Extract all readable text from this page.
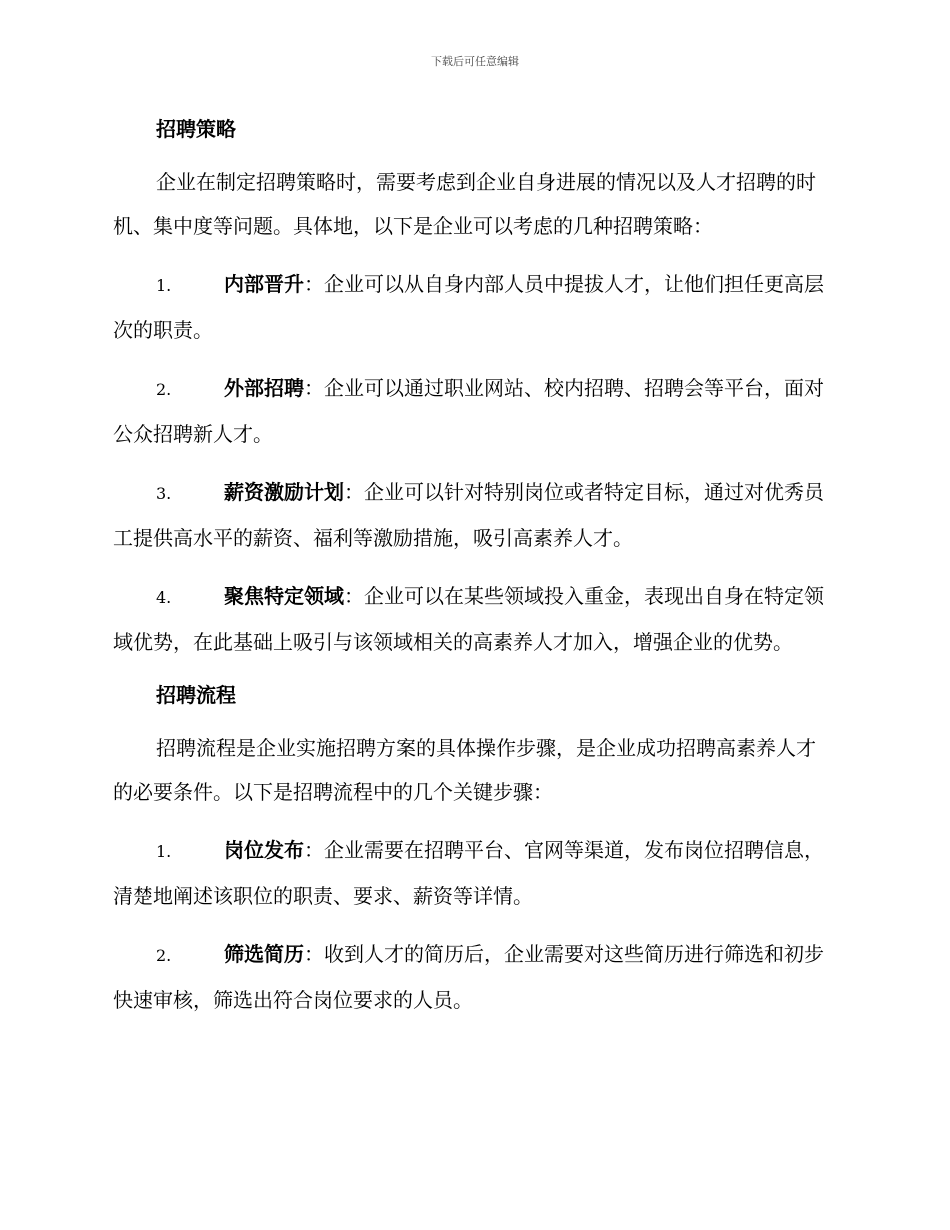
下载后可任意编辑
招聘策略
企业在制定招聘策略时，需要考虑到企业自身进展的情况以及人才招聘的时机、集中度等问题。具体地，以下是企业可以考虑的几种招聘策略：
1.	内部晋升：企业可以从自身内部人员中提拔人才，让他们担任更高层次的职责。
2.	外部招聘：企业可以通过职业网站、校内招聘、招聘会等平台，面对公众招聘新人才。
3.	薪资激励计划：企业可以针对特别岗位或者特定目标，通过对优秀员工提供高水平的薪资、福利等激励措施，吸引高素养人才。
4.	聚焦特定领域：企业可以在某些领域投入重金，表现出自身在特定领域优势，在此基础上吸引与该领域相关的高素养人才加入，增强企业的优势。
招聘流程
招聘流程是企业实施招聘方案的具体操作步骤，是企业成功招聘高素养人才的必要条件。以下是招聘流程中的几个关键步骤：
1.	岗位发布：企业需要在招聘平台、官网等渠道，发布岗位招聘信息，清楚地阐述该职位的职责、要求、薪资等详情。
2.	筛选简历：收到人才的简历后，企业需要对这些简历进行筛选和初步快速审核，筛选出符合岗位要求的人员。
